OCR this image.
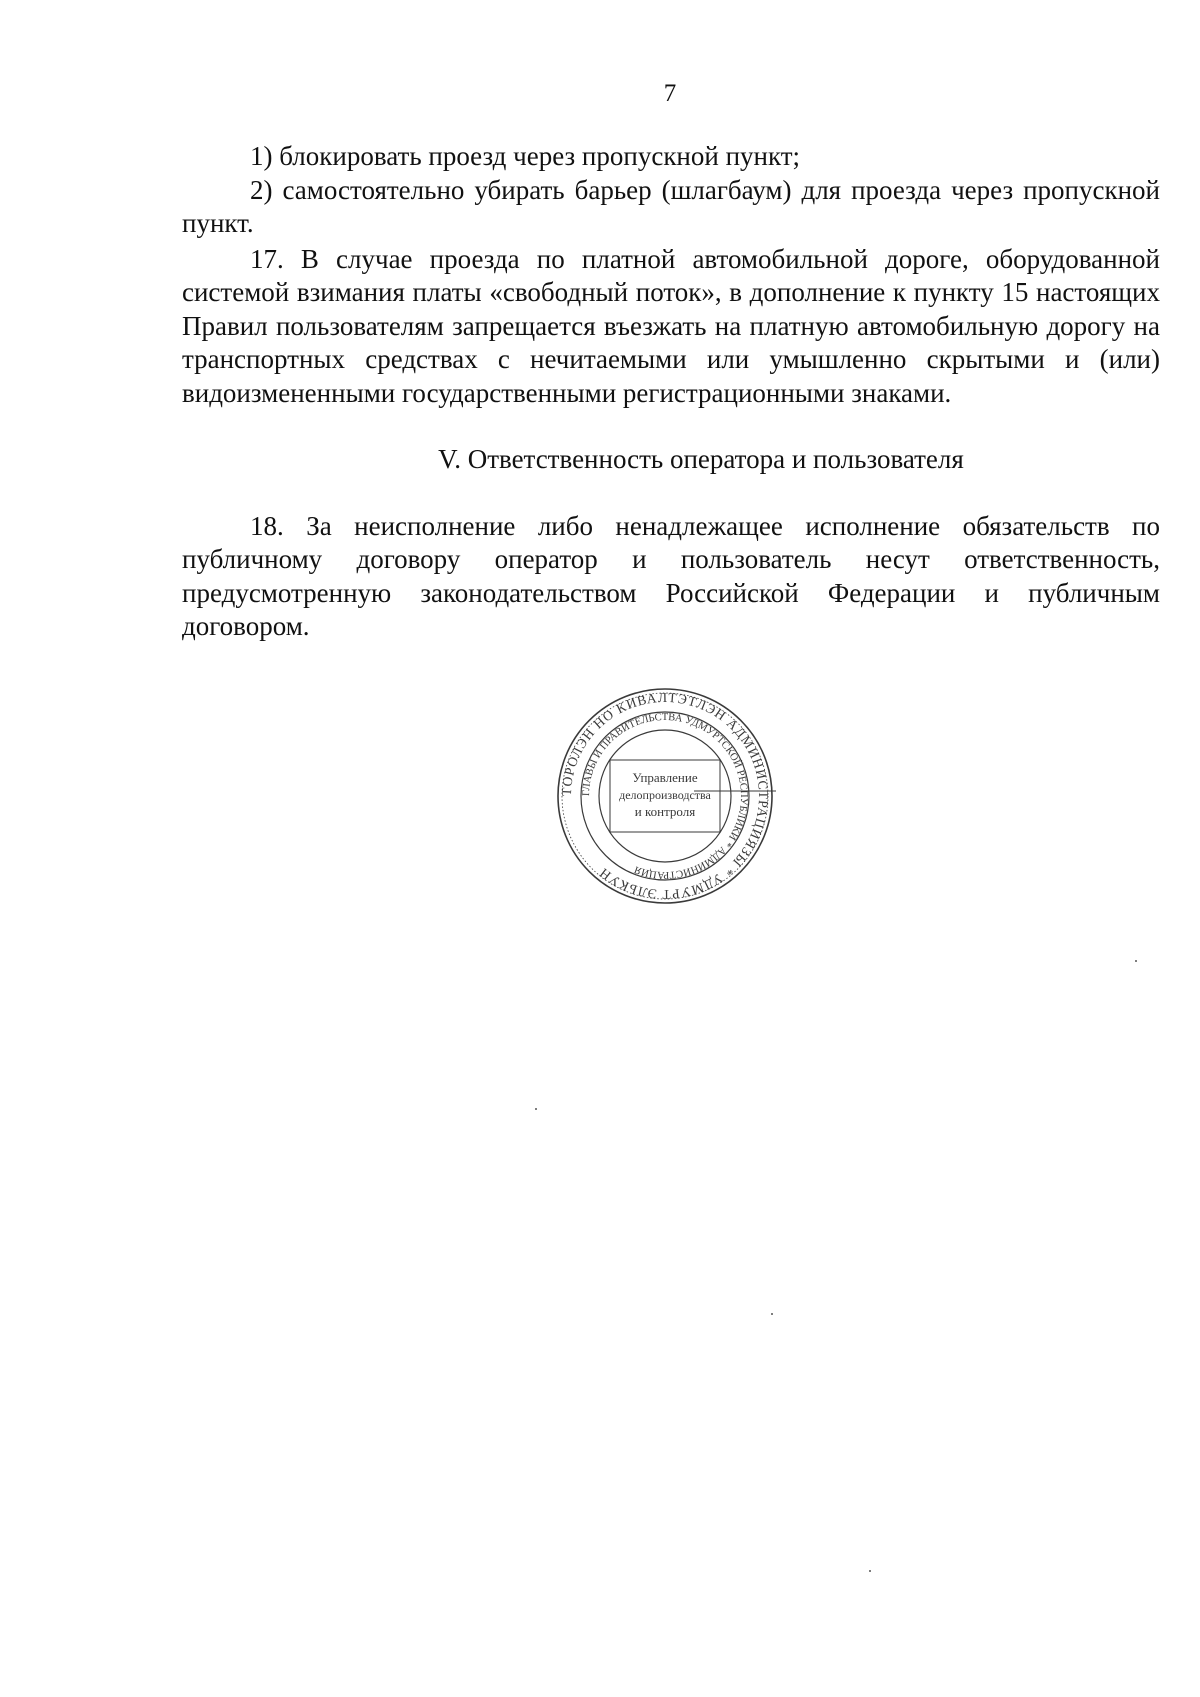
7

1) блокировать проезд через пропускной пункт;

2) самостоятельно убирать барьер (шлагбаум) для проезда через пропускной пункт.

17. В случае проезда по платной автомобильной дороге, оборудованной системой взимания платы «свободный поток», в дополнение к пункту 15 настоящих Правил пользователям запрещается въезжать на платную автомобильную дорогу на транспортных средствах с нечитаемыми или умышленно скрытыми и (или) видоизмененными государственными регистрационными знаками.

V. Ответственность оператора и пользователя

18. За неисполнение либо ненадлежащее исполнение обязательств по публичному договору оператор и пользователь несут ответственность, предусмотренную законодательством Российской Федерации и публичным договором.

ТОРОЛЭН НО КИВАЛТЭТЛЭН АДМИНИСТРАЦИЯЗЫ * УДМУРТ ЭЛЬКУН
ГЛАВЫ И ПРАВИТЕЛЬСТВА УДМУРТСКОЙ РЕСПУБЛИКИ * АДМИНИСТРАЦИЯ
Управление
делопроизводства
и контроля
